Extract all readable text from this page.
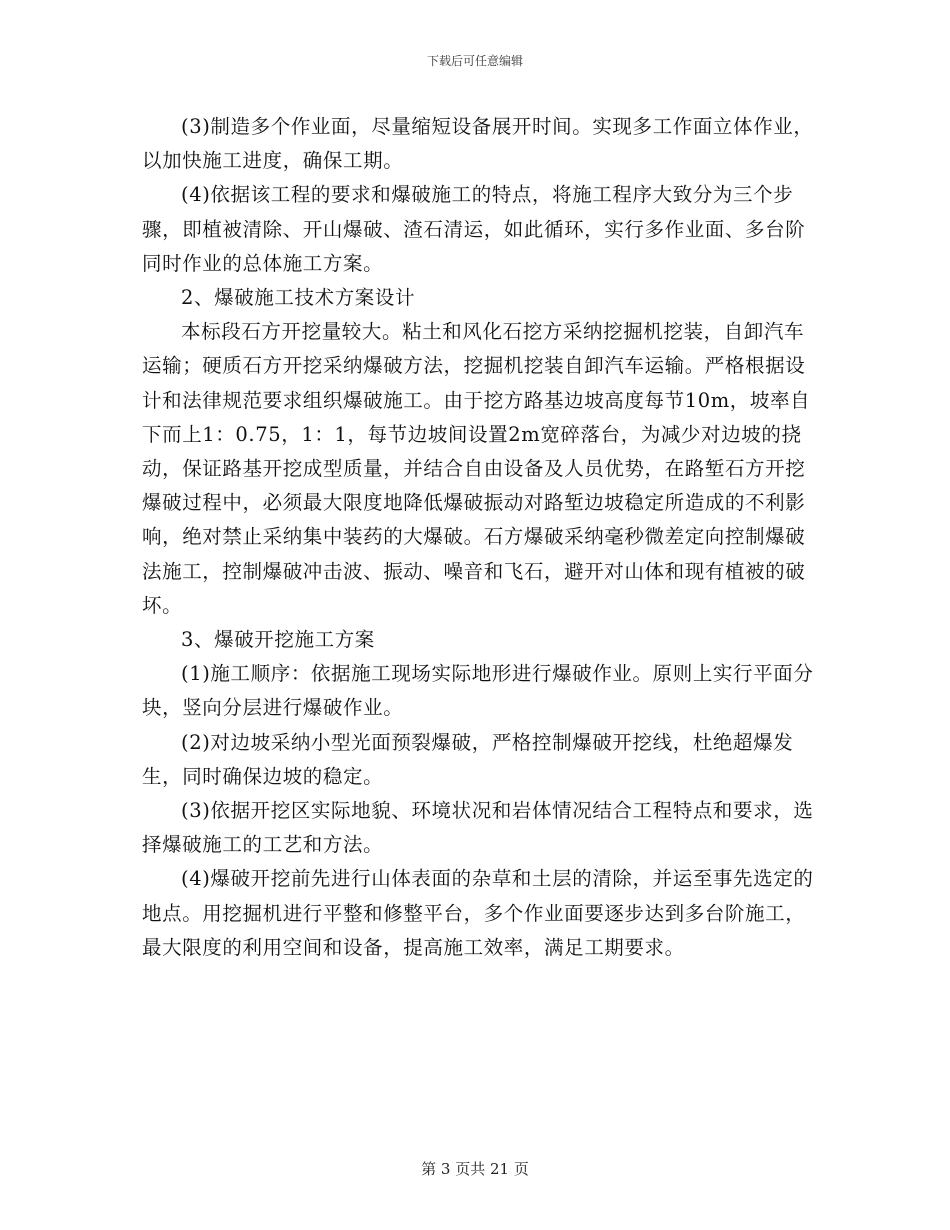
下载后可任意编辑

(3)制造多个作业面，尽量缩短设备展开时间。实现多工作面立体作业，以加快施工进度，确保工期。

(4)依据该工程的要求和爆破施工的特点，将施工程序大致分为三个步骤，即植被清除、开山爆破、渣石清运，如此循环，实行多作业面、多台阶同时作业的总体施工方案。

2、爆破施工技术方案设计

本标段石方开挖量较大。粘土和风化石挖方采纳挖掘机挖装，自卸汽车运输；硬质石方开挖采纳爆破方法，挖掘机挖装自卸汽车运输。严格根据设计和法律规范要求组织爆破施工。由于挖方路基边坡高度每节10m，坡率自下而上1：0.75，1：1，每节边坡间设置2m宽碎落台，为减少对边坡的挠动，保证路基开挖成型质量，并结合自由设备及人员优势，在路堑石方开挖爆破过程中，必须最大限度地降低爆破振动对路堑边坡稳定所造成的不利影响，绝对禁止采纳集中装药的大爆破。石方爆破采纳毫秒微差定向控制爆破法施工，控制爆破冲击波、振动、噪音和飞石，避开对山体和现有植被的破坏。

3、爆破开挖施工方案

(1)施工顺序：依据施工现场实际地形进行爆破作业。原则上实行平面分块，竖向分层进行爆破作业。

(2)对边坡采纳小型光面预裂爆破，严格控制爆破开挖线，杜绝超爆发生，同时确保边坡的稳定。

(3)依据开挖区实际地貌、环境状况和岩体情况结合工程特点和要求，选择爆破施工的工艺和方法。

(4)爆破开挖前先进行山体表面的杂草和土层的清除，并运至事先选定的地点。用挖掘机进行平整和修整平台，多个作业面要逐步达到多台阶施工，最大限度的利用空间和设备，提高施工效率，满足工期要求。

第 3 页共 21 页
